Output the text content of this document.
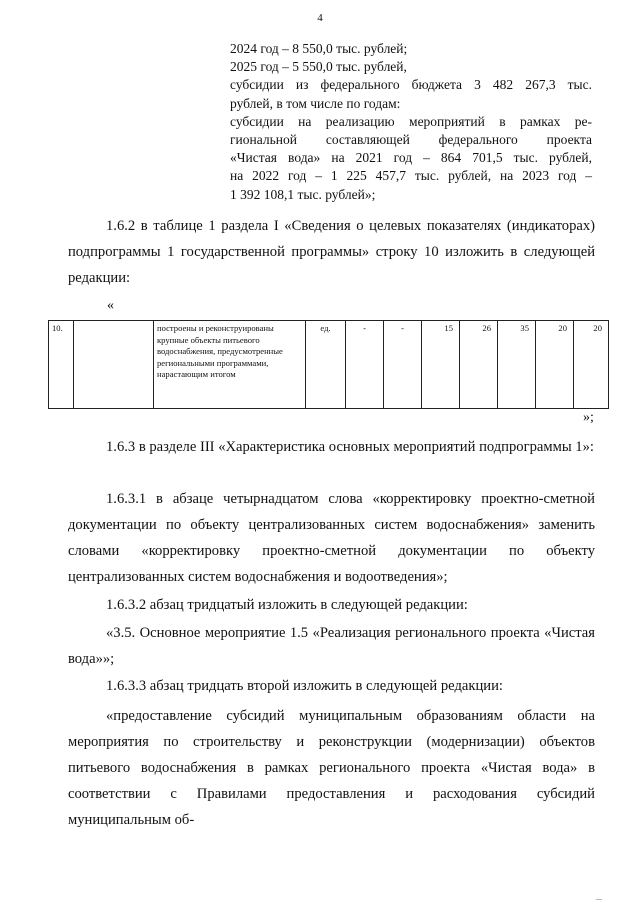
4
2024 год – 8 550,0 тыс. рублей;
2025 год – 5 550,0 тыс. рублей,
субсидии из федерального бюджета 3 482 267,3 тыс.
рублей, в том числе по годам:
субсидии на реализацию мероприятий в рамках ре-
гиональной составляющей федерального проекта
«Чистая вода» на 2021 год – 864 701,5 тыс. рублей,
на 2022 год – 1 225 457,7 тыс. рублей, на 2023 год –
1 392 108,1 тыс. рублей»;
1.6.2 в таблице 1 раздела I «Сведения о целевых показателях (индикаторах) подпрограммы 1 государственной программы» строку 10 изложить в следующей редакции:
«
10.		построены и реконструированы крупные объекты питьевого водоснабжения, предусмотренные региональными программами, нарастающим итогом	ед.	-	-	15	26	35	20	20
»;
1.6.3 в разделе III «Характеристика основных мероприятий подпрограммы 1»:
1.6.3.1 в абзаце четырнадцатом слова «корректировку проектно-сметной документации по объекту централизованных систем водоснабжения» заменить словами «корректировку проектно-сметной документации по объекту централизованных систем водоснабжения и водоотведения»;
1.6.3.2 абзац тридцатый изложить в следующей редакции:
«3.5. Основное мероприятие 1.5 «Реализация регионального проекта «Чистая вода»»;
1.6.3.3 абзац тридцать второй изложить в следующей редакции:
«предоставление субсидий муниципальным образованиям области на мероприятия по строительству и реконструкции (модернизации) объектов питьевого водоснабжения в рамках регионального проекта «Чистая вода» в соответствии с Правилами предоставления и расходования субсидий муниципальным об-
...
